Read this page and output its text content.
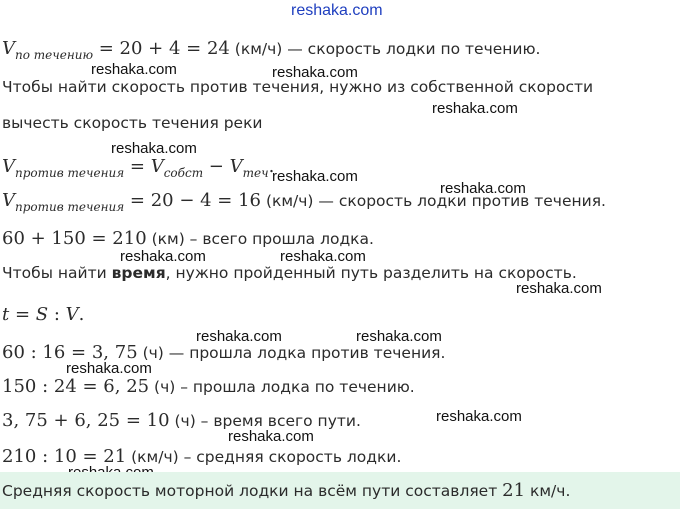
reshaka.com
reshaka.com	reshaka.com
reshaka.com
reshaka.com
reshaka.com
reshaka.com
reshaka.com	reshaka.com
reshaka.com
reshaka.com	reshaka.com
reshaka.com
reshaka.com
reshaka.com
$V_{по течению} = 20 + 4 = 24$ (км/ч) — скорость лодки по течению.
Чтобы найти скорость против течения, нужно из собственной скорости
вычесть скорость течения реки
$V_{против течения} = V_{собст} - V_{теч}$.
$V_{против течения} = 20 - 4 = 16$ (км/ч) — скорость лодки против течения.
60 + 150 = 210 (км) – всего прошла лодка.
Чтобы найти время, нужно пройденный путь разделить на скорость.
t = S : V.
60 : 16 = 3, 75 (ч) — прошла лодка против течения.
150 : 24 = 6, 25 (ч) – прошла лодка по течению.
3, 75 + 6, 25 = 10 (ч) – время всего пути.
210 : 10 = 21 (км/ч) – средняя скорость лодки.
Средняя скорость моторной лодки на всём пути составляет 21 км/ч.
